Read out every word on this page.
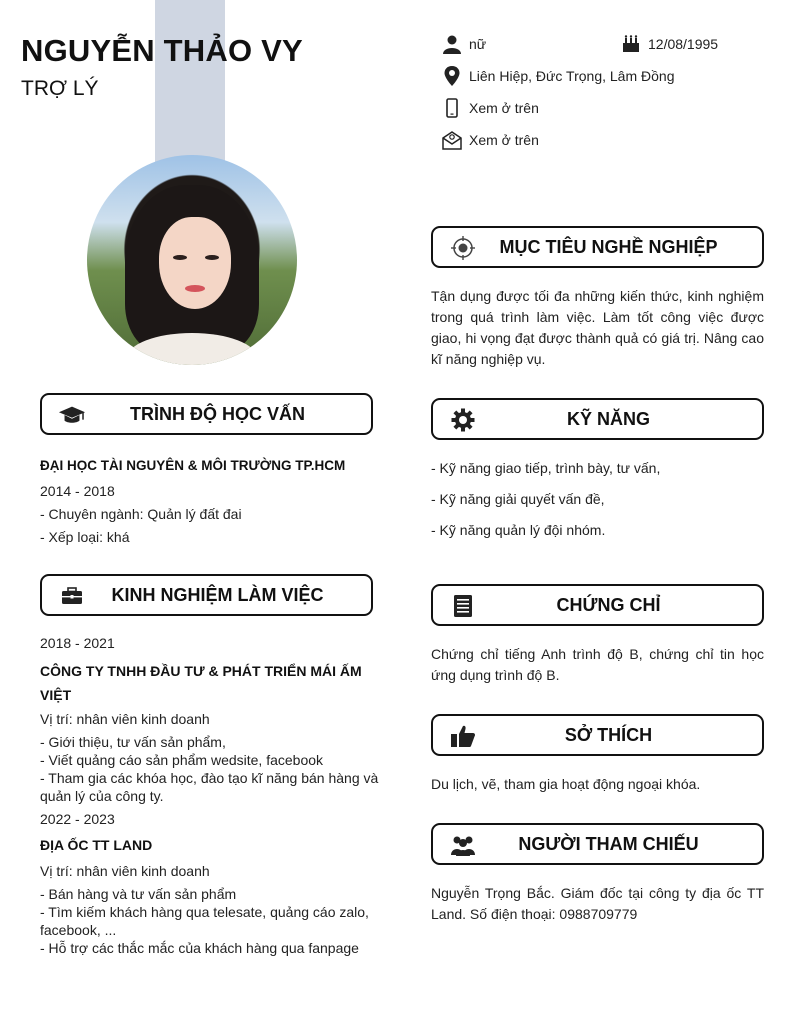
NGUYỄN THẢO VY
TRỢ LÝ
nữ	12/08/1995
Liên Hiệp, Đức Trọng, Lâm Đồng
Xem ở trên
Xem ở trên
TRÌNH ĐỘ HỌC VẤN
ĐẠI HỌC TÀI NGUYÊN & MÔI TRƯỜNG TP.HCM
2014 - 2018
- Chuyên ngành: Quản lý đất đai
- Xếp loại: khá
KINH NGHIỆM LÀM VIỆC
2018 - 2021
CÔNG TY TNHH ĐẦU TƯ & PHÁT TRIỂN MÁI ẤM VIỆT
Vị trí: nhân viên kinh doanh
- Giới thiệu, tư vấn sản phẩm,
- Viết quảng cáo sản phẩm wedsite, facebook
- Tham gia các khóa học, đào tạo kĩ năng bán hàng và quản lý của công ty.
2022 - 2023
ĐỊA ỐC TT LAND
Vị trí: nhân viên kinh doanh
- Bán hàng và tư vấn sản phẩm
- Tìm kiếm khách hàng qua telesate, quảng cáo zalo, facebook, ...
- Hỗ trợ các thắc mắc của khách hàng qua fanpage
MỤC TIÊU NGHỀ NGHIỆP
Tận dụng được tối đa những kiến thức, kinh nghiệm trong quá trình làm việc. Làm tốt công việc được giao, hi vọng đạt được thành quả có giá trị. Nâng cao kĩ năng nghiệp vụ.
KỸ NĂNG
- Kỹ năng giao tiếp, trình bày, tư vấn,
- Kỹ năng giải quyết vấn đề,
- Kỹ năng quản lý đội nhóm.
CHỨNG CHỈ
Chứng chỉ tiếng Anh trình độ B, chứng chỉ tin học ứng dụng trình độ B.
SỞ THÍCH
Du lịch, vẽ, tham gia hoạt động ngoại khóa.
NGƯỜI THAM CHIẾU
Nguyễn Trọng Bắc. Giám đốc tại công ty địa ốc TT Land. Số điện thoại: 0988709779
